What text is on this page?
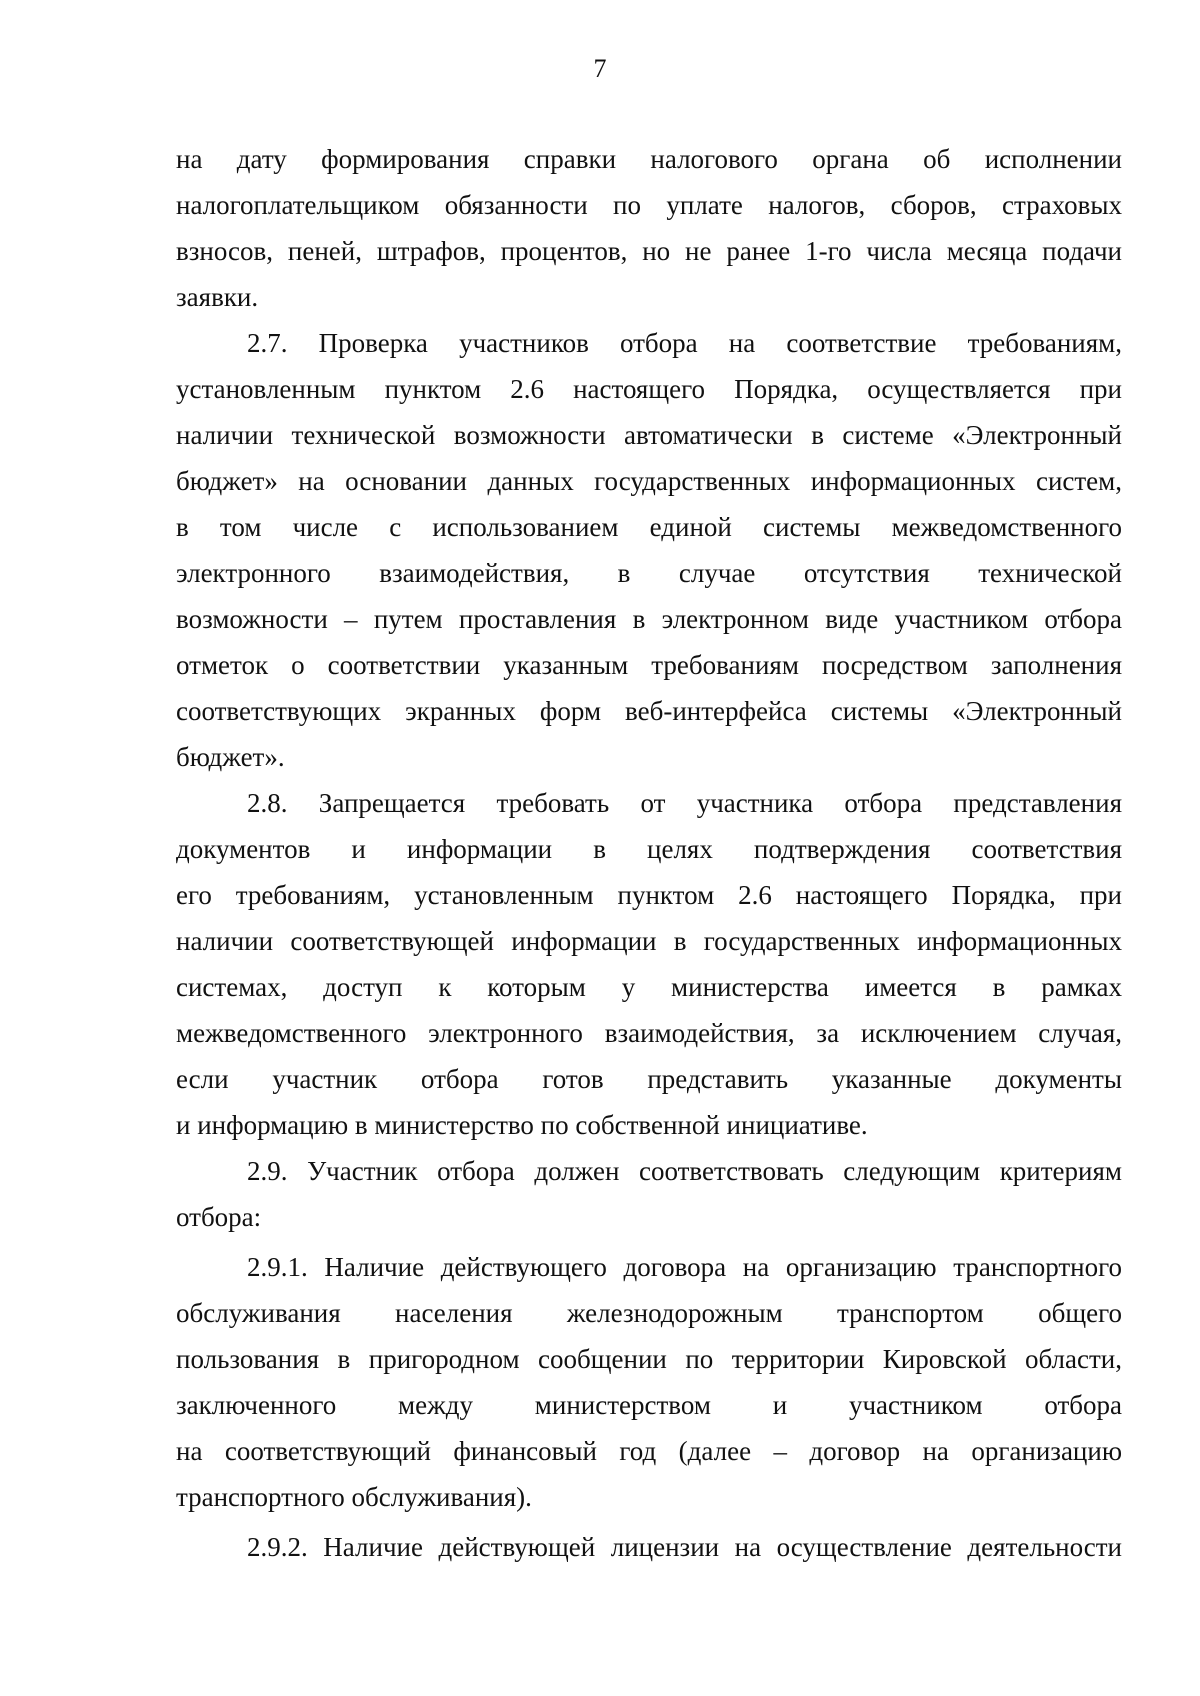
7
на дату формирования справки налогового органа об исполнении
налогоплательщиком обязанности по уплате налогов, сборов, страховых
взносов, пеней, штрафов, процентов, но не ранее 1-го числа месяца подачи
заявки.
2.7. Проверка участников отбора на соответствие требованиям,
установленным пунктом 2.6 настоящего Порядка, осуществляется при
наличии технической возможности автоматически в системе «Электронный
бюджет» на основании данных государственных информационных систем,
в том числе с использованием единой системы межведомственного
электронного взаимодействия, в случае отсутствия технической
возможности – путем проставления в электронном виде участником отбора
отметок о соответствии указанным требованиям посредством заполнения
соответствующих экранных форм веб-интерфейса системы «Электронный
бюджет».
2.8. Запрещается требовать от участника отбора представления
документов и информации в целях подтверждения соответствия
его требованиям, установленным пунктом 2.6 настоящего Порядка, при
наличии соответствующей информации в государственных информационных
системах, доступ к которым у министерства имеется в рамках
межведомственного электронного взаимодействия, за исключением случая,
если участник отбора готов представить указанные документы
и информацию в министерство по собственной инициативе.
2.9. Участник отбора должен соответствовать следующим критериям
отбора:
2.9.1. Наличие действующего договора на организацию транспортного
обслуживания населения железнодорожным транспортом общего
пользования в пригородном сообщении по территории Кировской области,
заключенного между министерством и участником отбора
на соответствующий финансовый год (далее – договор на организацию
транспортного обслуживания).
2.9.2. Наличие действующей лицензии на осуществление деятельности
